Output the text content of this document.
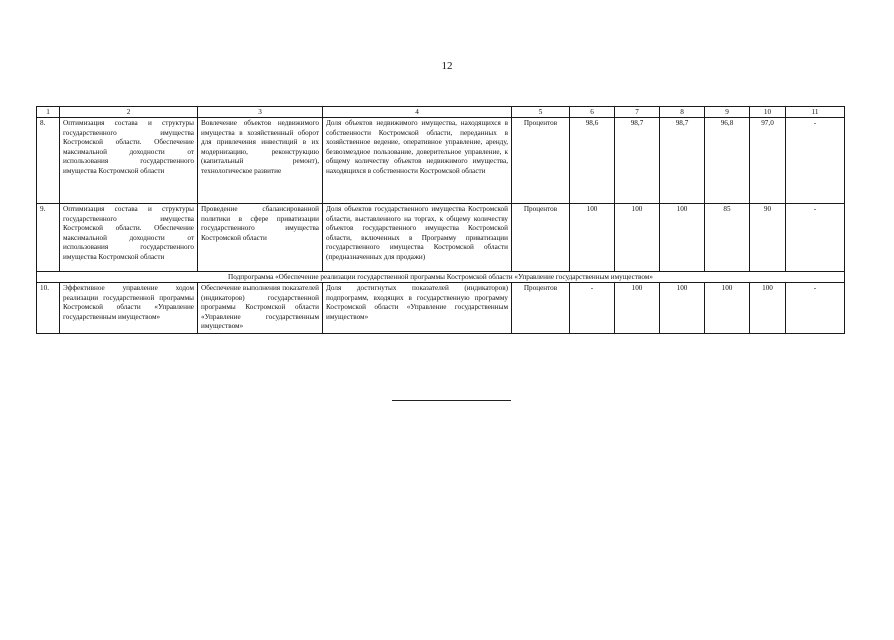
12
1	2	3	4	5	6	7	8	9	10	11
8.	Оптимизация состава и структуры государственного имущества Костромской области. Обеспечение максимальной доходности от использования государственного имущества Костромской области	Вовлечение объектов недвижимого имущества в хозяйственный оборот для привлечения инвестиций в их модернизацию, реконструкцию (капитальный ремонт), технологическое развитие	Доля объектов недвижимого имущества, находящихся в собственности Костромской области, переданных в хозяйственное ведение, оперативное управление, аренду, безвозмездное пользование, доверительное управление, к общему количеству объектов недвижимого имущества, находящихся в собственности Костромской области	Процентов	98,6	98,7	98,7	96,8	97,0	-
9.	Оптимизация состава и структуры государственного имущества Костромской области. Обеспечение максимальной доходности от использования государственного имущества Костромской области	Проведение сбалансированной политики в сфере приватизации государственного имущества Костромской области	Доля объектов государственного имущества Костромской области, выставленного на торгах, к общему количеству объектов государственного имущества Костромской области, включенных в Программу приватизации государственного имущества Костромской области (предназначенных для продажи)	Процентов	100	100	100	85	90	-
Подпрограмма «Обеспечение реализации государственной программы Костромской области «Управление государственным имуществом»										
10.	Эффективное управление ходом реализации государственной программы Костромской области «Управление государственным имуществом»	Обеспечение выполнения показателей (индикаторов) государственной программы Костромской области «Управление государственным имуществом»	Доля достигнутых показателей (индикаторов) подпрограмм, входящих в государственную программу Костромской области «Управление государственным имуществом»	Процентов	-	100	100	100	100	-
